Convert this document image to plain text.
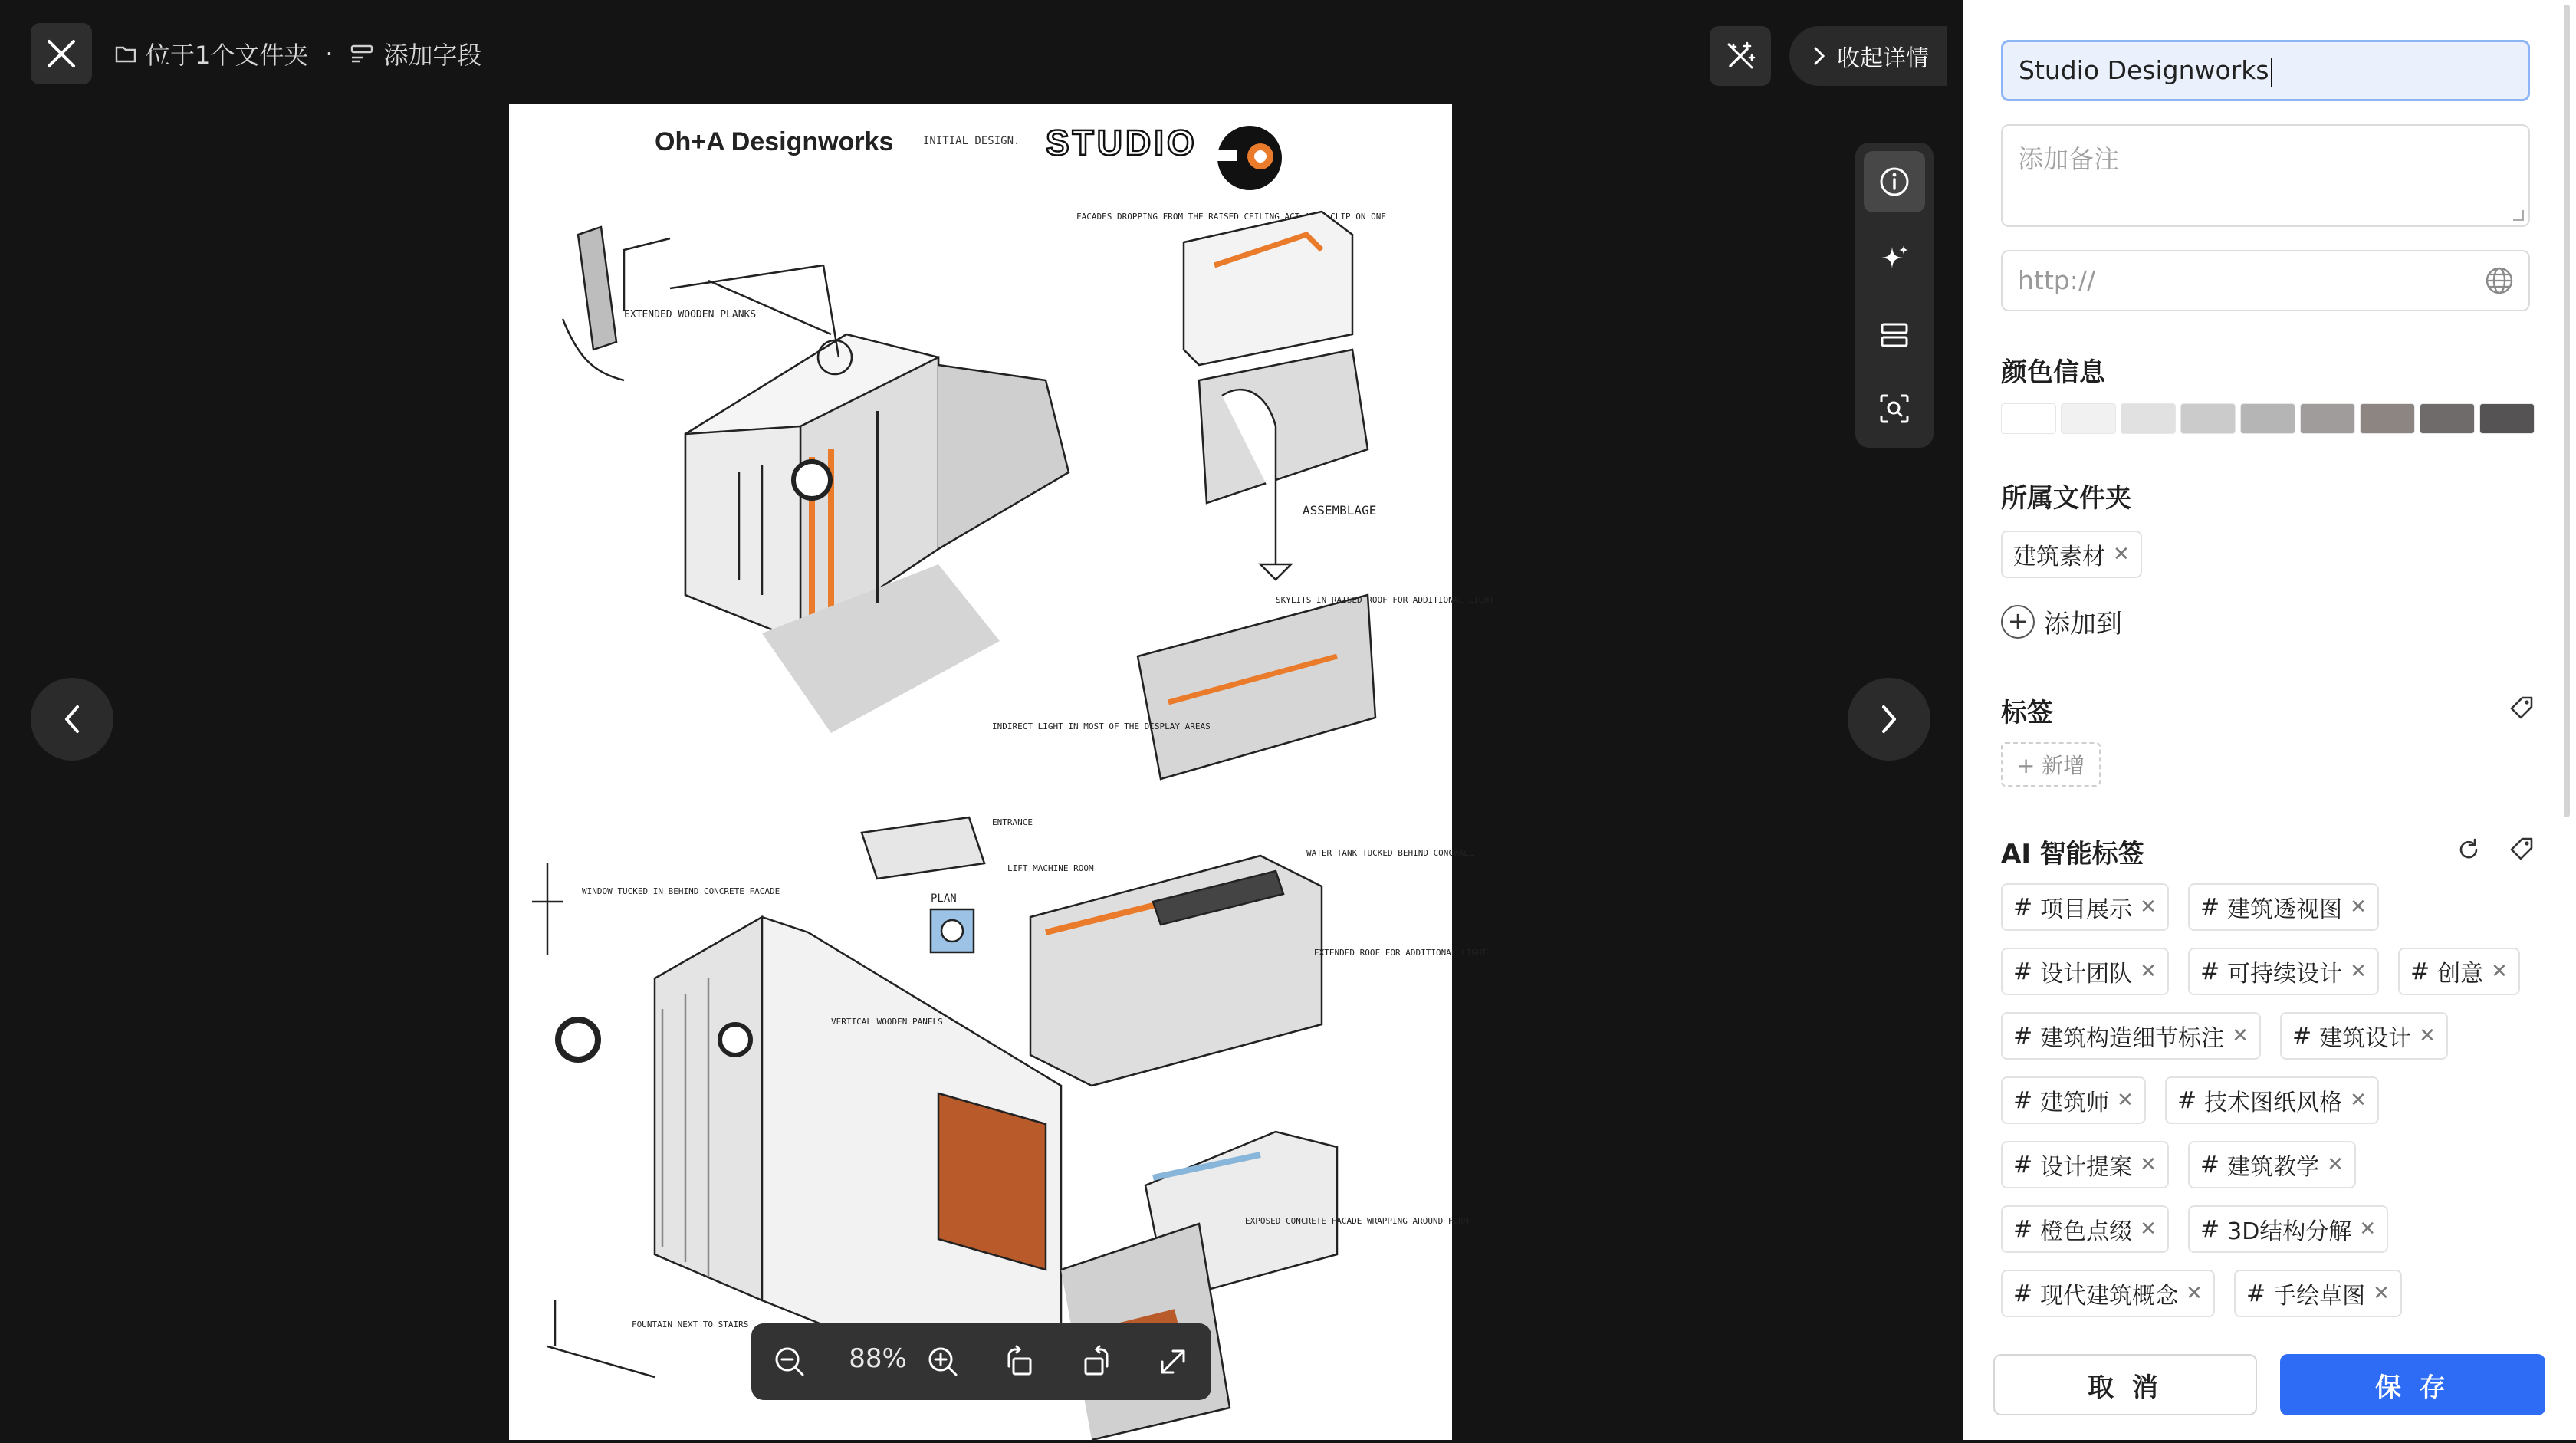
位于1个文件夹 · 添加字段	收起详情
Oh+A Designworks	INITIAL DESIGN. STUDIO
EXTENDED WOODEN PLANKS
FACADES DROPPING FROM THE RAISED CEILING ACT AS A CLIP ON ONE
ASSEMBLAGE
SKYLITS IN RAISED ROOF FOR ADDITIONAL LIGHT
INDIRECT LIGHT IN MOST OF THE DISPLAY AREAS
WINDOW TUCKED IN BEHIND CONCRETE FACADE
VERTICAL WOODEN PANELS
FOUNTAIN NEXT TO STAIRS
PLAN
ENTRANCE
LIFT MACHINE ROOM
WATER TANK TUCKED BEHIND CONCWALL
EXTENDED ROOF FOR ADDITIONAL LIGHT
EXPOSED CONCRETE FACADE WRAPPING AROUND FORM
88%
Studio Designworks
添加备注
http://
颜色信息
所属文件夹
建筑素材 ✕
+ 添加到
标签
+ 新增
AI 智能标签
# 项目展示 ✕ # 建筑透视图 ✕
# 设计团队 ✕ # 可持续设计 ✕ # 创意 ✕
# 建筑构造细节标注 ✕ # 建筑设计 ✕
# 建筑师 ✕ # 技术图纸风格 ✕
# 设计提案 ✕ # 建筑教学 ✕
# 橙色点缀 ✕ # 3D结构分解 ✕
# 现代建筑概念 ✕ # 手绘草图 ✕
取 消	保 存
